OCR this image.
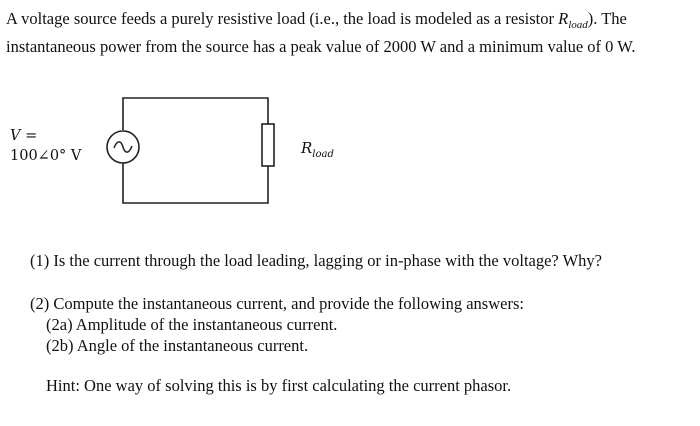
A voltage source feeds a purely resistive load (i.e., the load is modeled as a resistor $R_{load}$). The
instantaneous power from the source has a peak value of 2000 W and a minimum value of 0 W.
V =
100∠0° V	$R_{load}$
(1) Is the current through the load leading, lagging or in-phase with the voltage? Why?
(2) Compute the instantaneous current, and provide the following answers:
(2a) Amplitude of the instantaneous current.
(2b) Angle of the instantaneous current.
Hint: One way of solving this is by first calculating the current phasor.
